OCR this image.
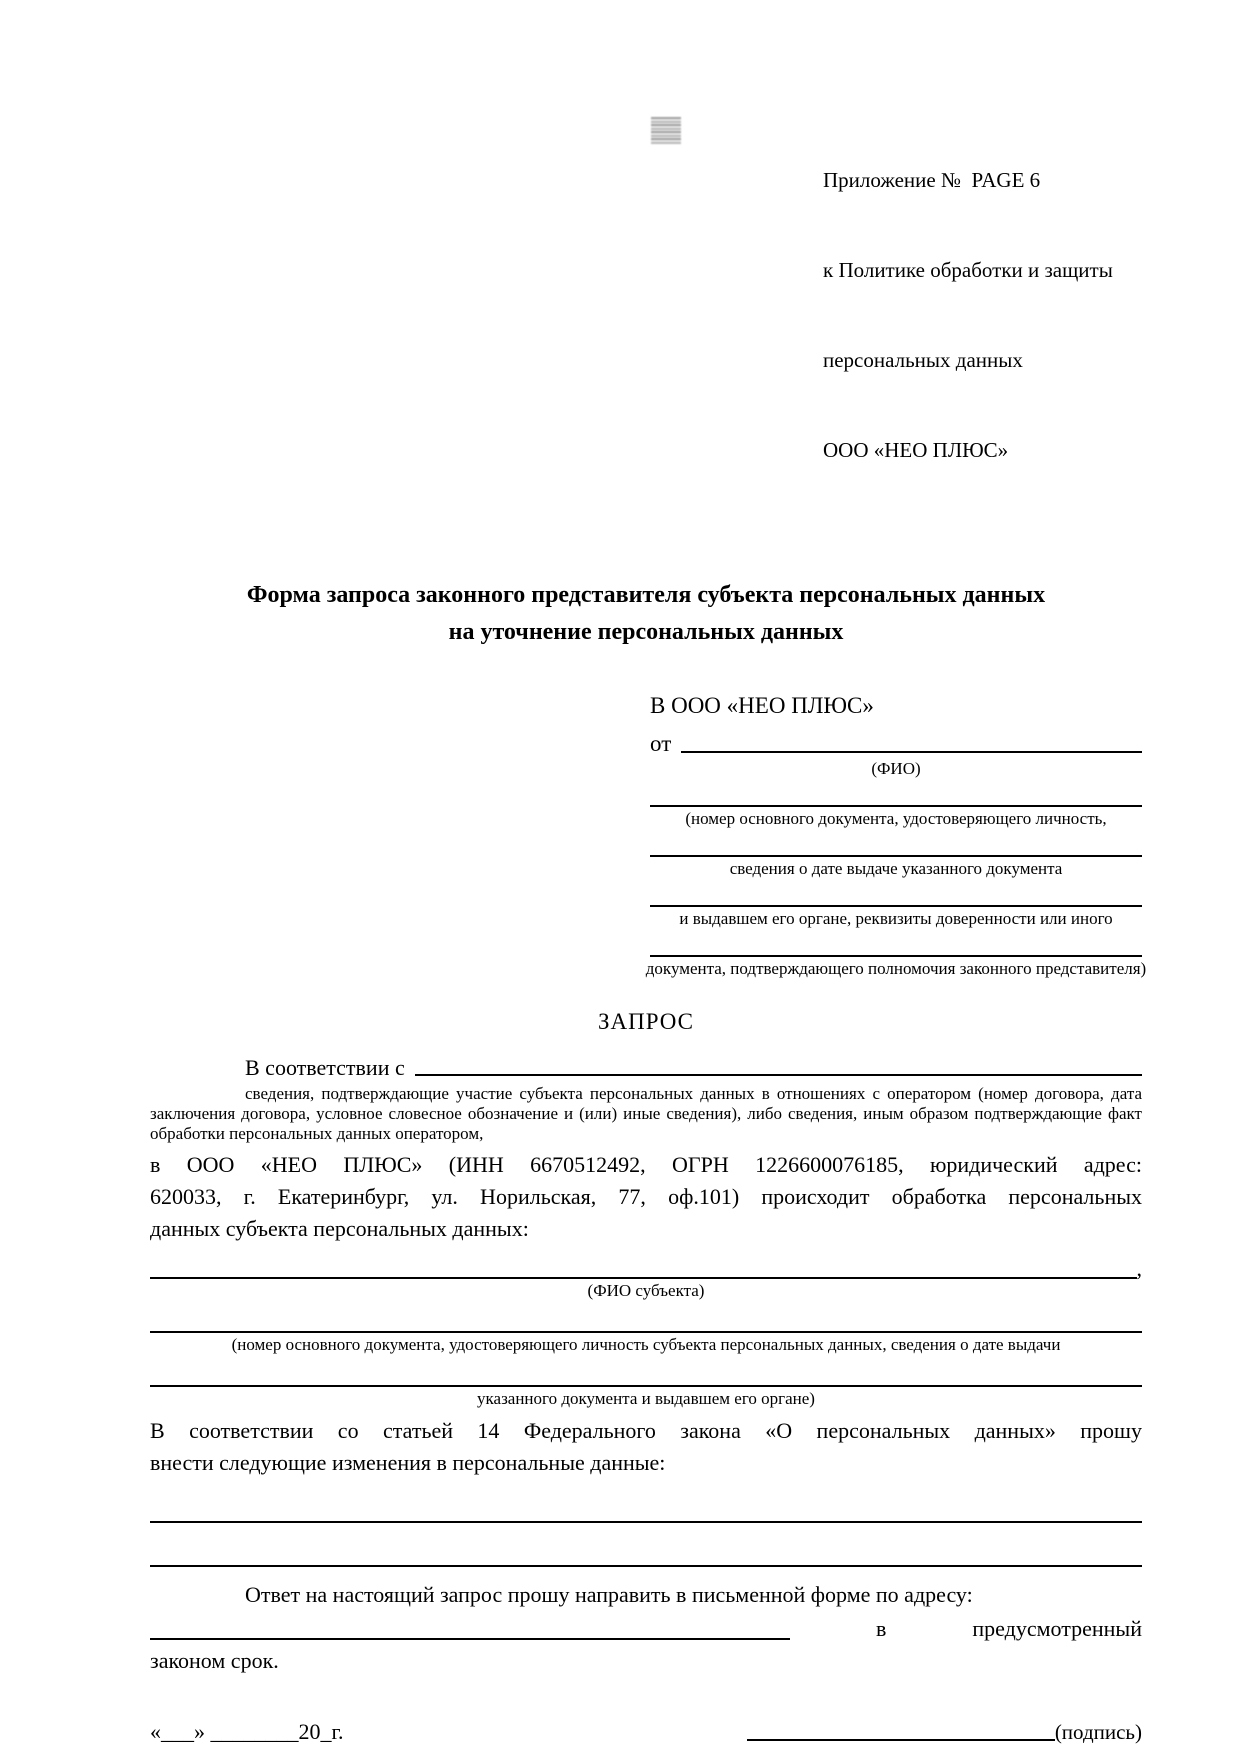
Приложение №  PAGE 6

к Политике обработки и защиты

персональных данных

ООО «НЕО ПЛЮС»

Форма запроса законного представителя субъекта персональных данных
на уточнение персональных данных
В ООО «НЕО ПЛЮС»
от
(ФИО)
(номер основного документа, удостоверяющего личность,
сведения о дате выдаче указанного документа
и выдавшем его органе, реквизиты доверенности или иного
документа, подтверждающего полномочия законного представителя)
ЗАПРОС
В соответствии с
сведения, подтверждающие участие субъекта персональных данных в отношениях с оператором (номер договора, дата
заключения договора, условное словесное обозначение и (или) иные сведения), либо сведения, иным образом подтверждающие факт
обработки персональных данных оператором,
в ООО «НЕО ПЛЮС» (ИНН 6670512492, ОГРН 1226600076185, юридический адрес:
620033, г. Екатеринбург, ул. Норильская, 77, оф.101) происходит обработка персональных
данных субъекта персональных данных:
,
(ФИО субъекта)
(номер основного документа, удостоверяющего личность субъекта персональных данных, сведения о дате выдачи
указанного документа и выдавшем его органе)
В соответствии со статьей 14 Федерального закона «О персональных данных» прошу
внести следующие изменения в персональные данные:
Ответ на настоящий запрос прошу направить в письменной форме по адресу:
в	предусмотренный
законом срок.
«___» ________20_г.	(подпись)
